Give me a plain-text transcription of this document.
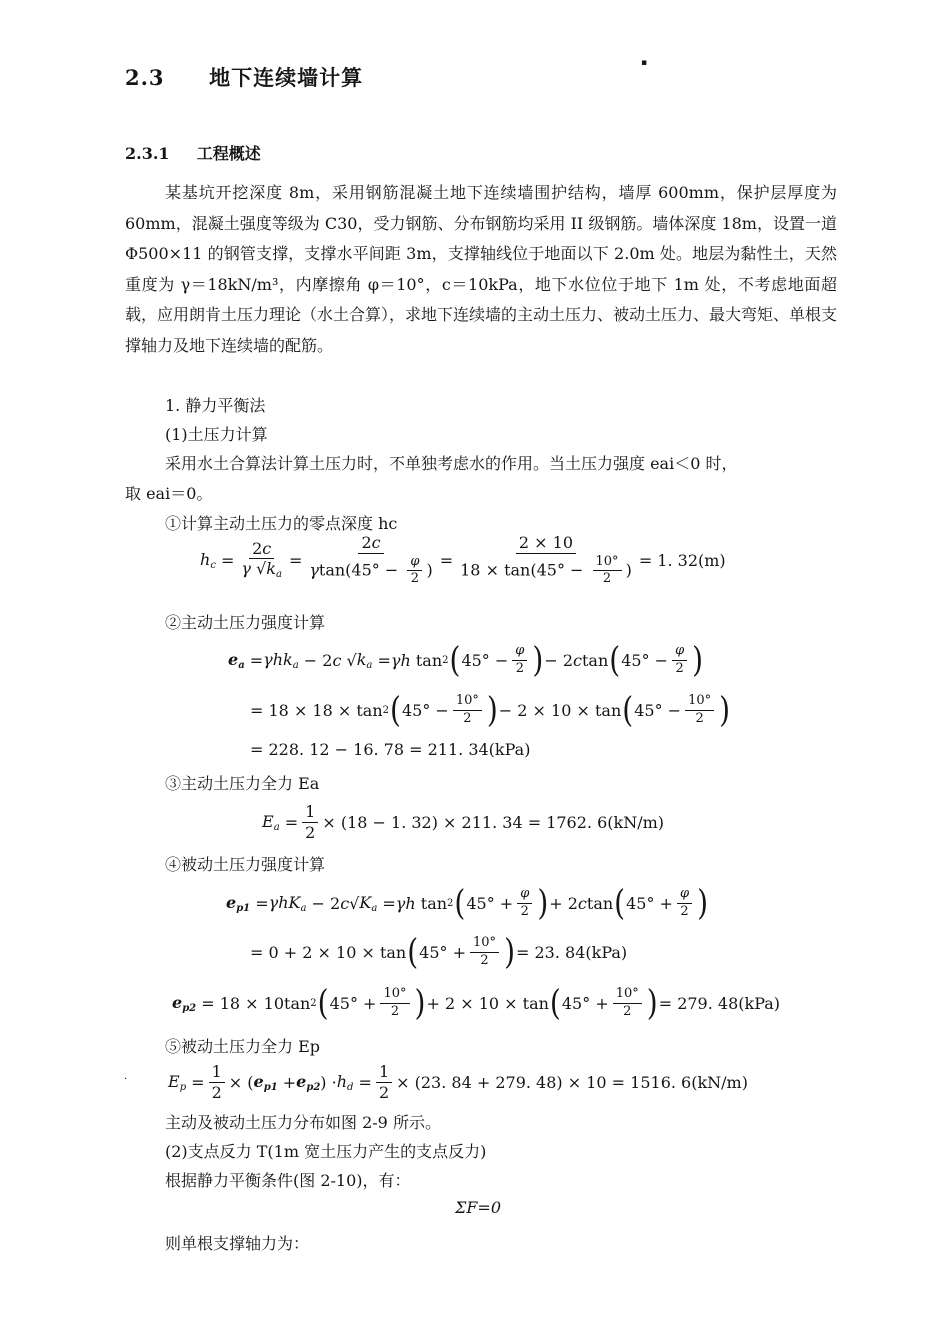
2.3 地下连续墙计算
▪
2.3.1 工程概述
某基坑开挖深度 8m，采用钢筋混凝土地下连续墙围护结构，墙厚 600mm，保护层厚度为 60mm，混凝土强度等级为 C30，受力钢筋、分布钢筋均采用 II 级钢筋。墙体深度 18m，设置一道 Φ500×11 的钢管支撑，支撑水平间距 3m，支撑轴线位于地面以下 2.0m 处。地层为黏性土，天然重度为 γ＝18kN/m³，内摩擦角 φ＝10°，c＝10kPa，地下水位位于地下 1m 处，不考虑地面超载，应用朗肯土压力理论（水土合算），求地下连续墙的主动土压力、被动土压力、最大弯矩、单根支撑轴力及地下连续墙的配筋。
1. 静力平衡法
(1)土压力计算
采用水土合算法计算土压力时，不单独考虑水的作用。当土压力强度 eai＜0 时，
取 eai＝0。
①计算主动土压力的零点深度 hc
hc = $\frac{2c}{\gamma √ka} = \frac{2c}{\gamma\tan(45^\circ - \frac{\varphi}{2} )} = \frac{2 \times 10}{18 \times \tan(45^\circ - \frac{10^\circ}{2} )} = 1$. 32(m)
②主动土压力强度计算
ea = γhka − 2 c √ ka = γh tan 2 ( $45^\circ - \frac{\varphi}{2}$ ) − 2 c tan ( $45^\circ - \frac{\varphi}{2}$ )
= 18 × 18 × tan 2 ( $45^\circ - \frac{10^\circ}{2}$ ) − 2 × 10 × tan ( $45^\circ - \frac{10^\circ}{2}$ )
= 228. 12 − 16. 78 = 211. 34(kPa)
③主动土压力全力 Ea
$Ea = \frac{1}{2} \times (18 - 1$. 32) × 211. 34 = 1762. 6(kN/m)
④被动土压力强度计算
ep1 = γhKa − 2 c √ Ka = γh tan 2 ( $45^\circ + \frac{\varphi}{2}$ ) + 2 c tan ( $45^\circ + \frac{\varphi}{2}$ )
= 0 + 2 × 10 × tan ( $45^\circ + \frac{10^\circ}{2}$ ) = 23. 84(kPa)
ep2 = 18 × 10tan 2 ( $45^\circ + \frac{10^\circ}{2}$ ) + 2 × 10 × tan ( $45^\circ + \frac{10^\circ}{2}$ ) = 279. 48(kPa)
⑤被动土压力全力 Ep
·	$Ep = \frac{1}{2}$ × ( ep1 + ep2 ) · hd = $\frac{1}{2} \times (23$. 84 + 279. 48) × 10 = 1516. 6(kN/m)
主动及被动土压力分布如图 2-9 所示。
(2)支点反力 T(1m 宽土压力产生的支点反力)
根据静力平衡条件(图 2-10)，有：
ΣF=0
则单根支撑轴力为：
